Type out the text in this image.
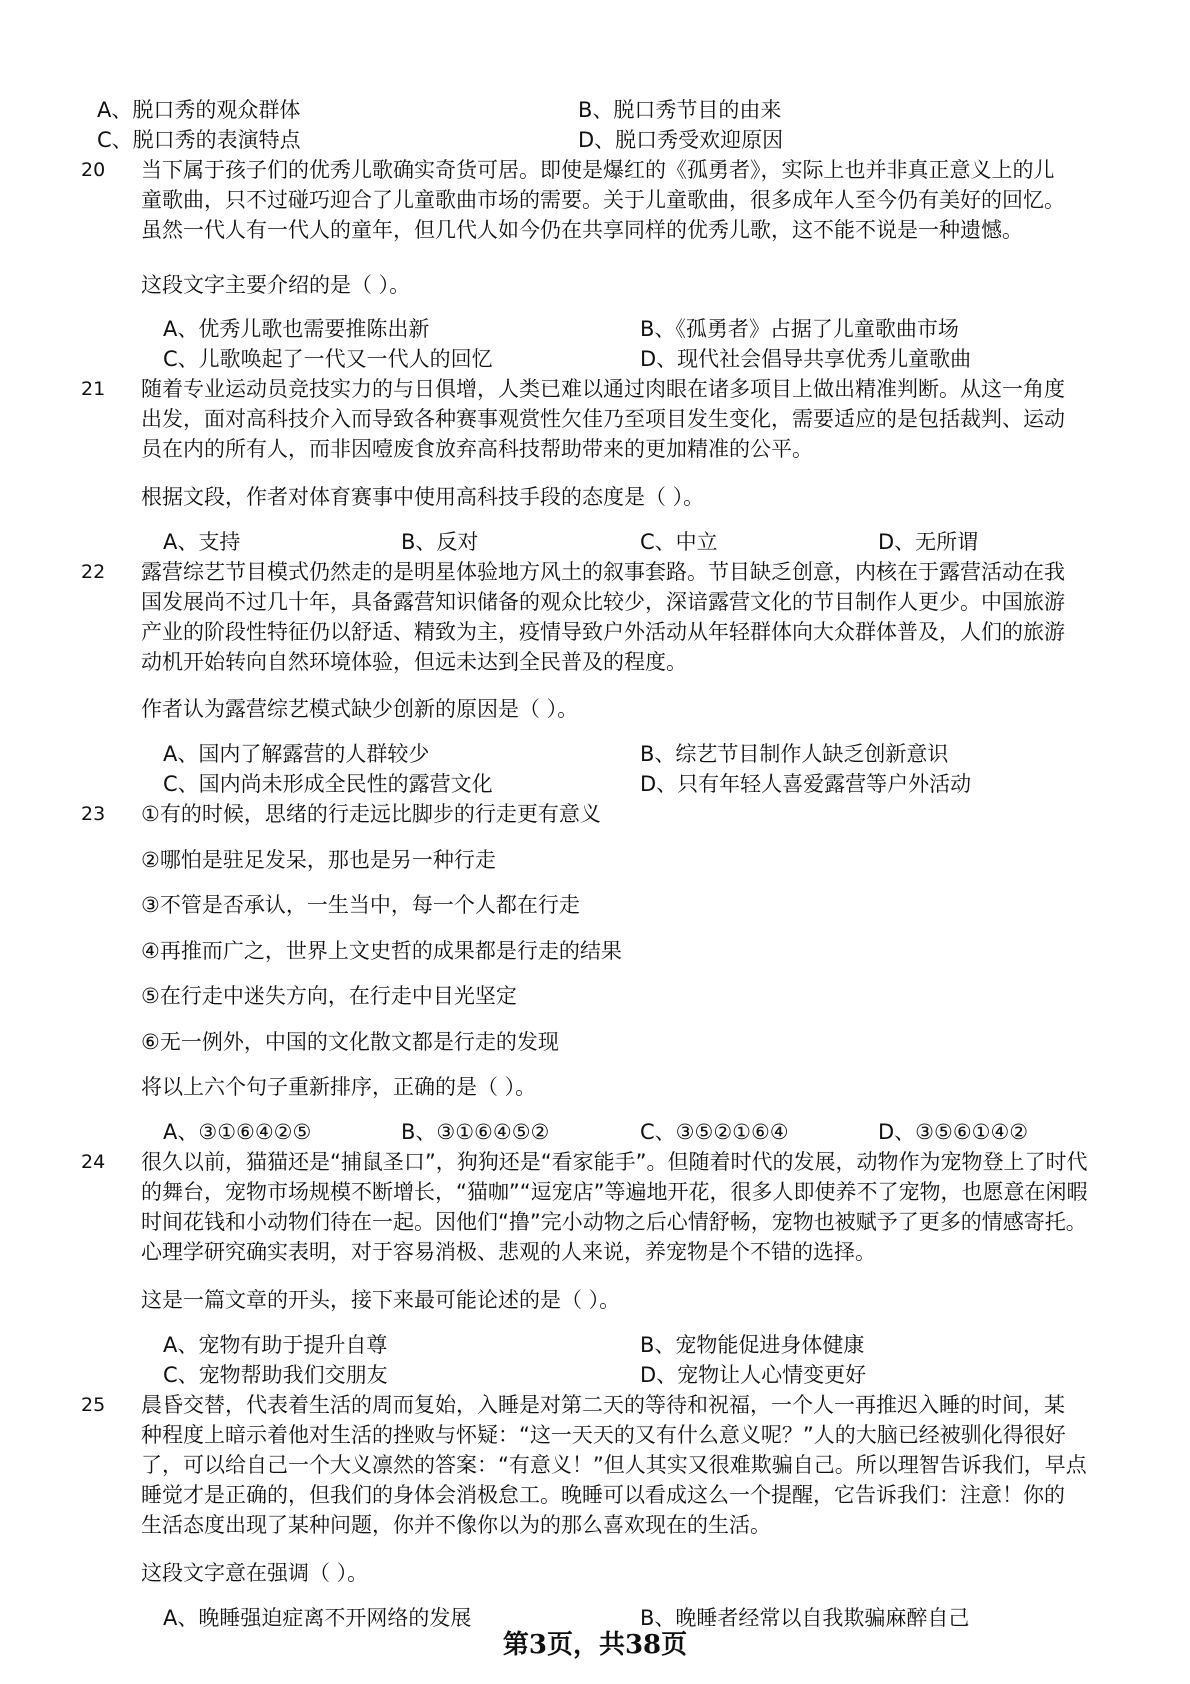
A、脱口秀的观众群体	B、脱口秀节目的由来
C、脱口秀的表演特点	D、脱口秀受欢迎原因
20 当下属于孩子们的优秀儿歌确实奇货可居。即使是爆红的《孤勇者》，实际上也并非真正意义上的儿
童歌曲，只不过碰巧迎合了儿童歌曲市场的需要。关于儿童歌曲，很多成年人至今仍有美好的回忆。
虽然一代人有一代人的童年，但几代人如今仍在共享同样的优秀儿歌，这不能不说是一种遗憾。
这段文字主要介绍的是（ ）。
A、优秀儿歌也需要推陈出新	B、《孤勇者》占据了儿童歌曲市场
C、儿歌唤起了一代又一代人的回忆	D、现代社会倡导共享优秀儿童歌曲
21 随着专业运动员竞技实力的与日俱增，人类已难以通过肉眼在诸多项目上做出精准判断。从这一角度
出发，面对高科技介入而导致各种赛事观赏性欠佳乃至项目发生变化，需要适应的是包括裁判、运动
员在内的所有人，而非因噎废食放弃高科技帮助带来的更加精准的公平。
根据文段，作者对体育赛事中使用高科技手段的态度是（ ）。
A、支持	B、反对	C、中立	D、无所谓
22 露营综艺节目模式仍然走的是明星体验地方风土的叙事套路。节目缺乏创意，内核在于露营活动在我
国发展尚不过几十年，具备露营知识储备的观众比较少，深谙露营文化的节目制作人更少。中国旅游
产业的阶段性特征仍以舒适、精致为主，疫情导致户外活动从年轻群体向大众群体普及，人们的旅游
动机开始转向自然环境体验，但远未达到全民普及的程度。
作者认为露营综艺模式缺少创新的原因是（ ）。
A、国内了解露营的人群较少	B、综艺节目制作人缺乏创新意识
C、国内尚未形成全民性的露营文化	D、只有年轻人喜爱露营等户外活动
23 ①有的时候，思绪的行走远比脚步的行走更有意义
②哪怕是驻足发呆，那也是另一种行走
③不管是否承认，一生当中，每一个人都在行走
④再推而广之，世界上文史哲的成果都是行走的结果
⑤在行走中迷失方向，在行走中目光坚定
⑥无一例外，中国的文化散文都是行走的发现
将以上六个句子重新排序，正确的是（ ）。
A、③①⑥④②⑤	B、③①⑥④⑤②	C、③⑤②①⑥④	D、③⑤⑥①④②
24 很久以前，猫猫还是“捕鼠圣口”，狗狗还是“看家能手”。但随着时代的发展，动物作为宠物登上了时代
的舞台，宠物市场规模不断增长，“猫咖”“逗宠店”等遍地开花，很多人即使养不了宠物，也愿意在闲暇
时间花钱和小动物们待在一起。因他们“撸”完小动物之后心情舒畅，宠物也被赋予了更多的情感寄托。
心理学研究确实表明，对于容易消极、悲观的人来说，养宠物是个不错的选择。
这是一篇文章的开头，接下来最可能论述的是（ ）。
A、宠物有助于提升自尊	B、宠物能促进身体健康
C、宠物帮助我们交朋友	D、宠物让人心情变更好
25 晨昏交替，代表着生活的周而复始，入睡是对第二天的等待和祝福，一个人一再推迟入睡的时间，某
种程度上暗示着他对生活的挫败与怀疑：“这一天天的又有什么意义呢？”人的大脑已经被驯化得很好
了，可以给自己一个大义凛然的答案：“有意义！”但人其实又很难欺骗自己。所以理智告诉我们，早点
睡觉才是正确的，但我们的身体会消极怠工。晚睡可以看成这么一个提醒，它告诉我们：注意！你的
生活态度出现了某种问题，你并不像你以为的那么喜欢现在的生活。
这段文字意在强调（ ）。
A、晚睡强迫症离不开网络的发展	B、晚睡者经常以自我欺骗麻醉自己
第3页，共38页
